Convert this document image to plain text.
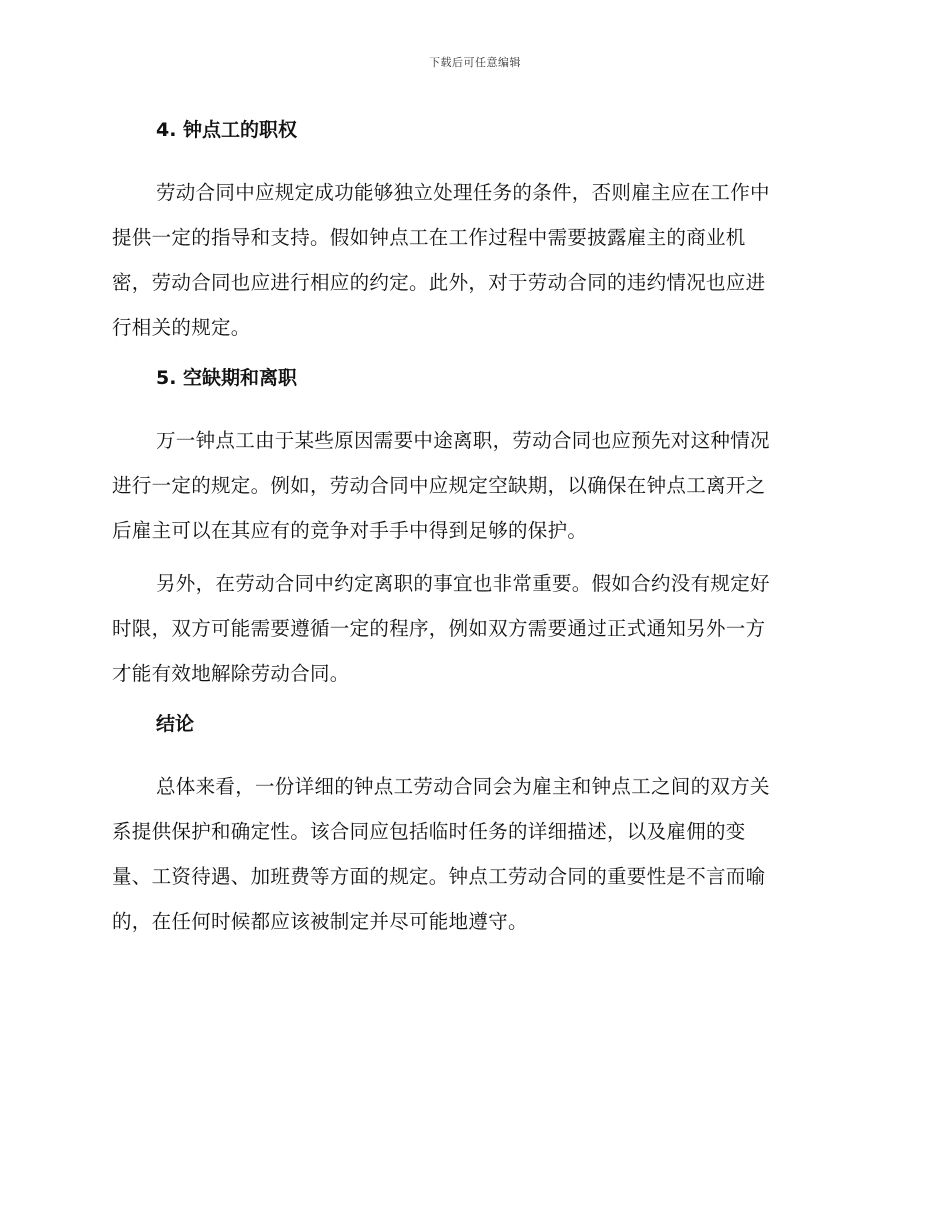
下载后可任意编辑
4. 钟点工的职权

劳动合同中应规定成功能够独立处理任务的条件，否则雇主应在工作中
提供一定的指导和支持。假如钟点工在工作过程中需要披露雇主的商业机
密，劳动合同也应进行相应的约定。此外，对于劳动合同的违约情况也应进
行相关的规定。

5. 空缺期和离职

万一钟点工由于某些原因需要中途离职，劳动合同也应预先对这种情况
进行一定的规定。例如，劳动合同中应规定空缺期，以确保在钟点工离开之
后雇主可以在其应有的竞争对手手中得到足够的保护。

另外，在劳动合同中约定离职的事宜也非常重要。假如合约没有规定好
时限，双方可能需要遵循一定的程序，例如双方需要通过正式通知另外一方
才能有效地解除劳动合同。

结论

总体来看，一份详细的钟点工劳动合同会为雇主和钟点工之间的双方关
系提供保护和确定性。该合同应包括临时任务的详细描述，以及雇佣的变
量、工资待遇、加班费等方面的规定。钟点工劳动合同的重要性是不言而喻
的，在任何时候都应该被制定并尽可能地遵守。
